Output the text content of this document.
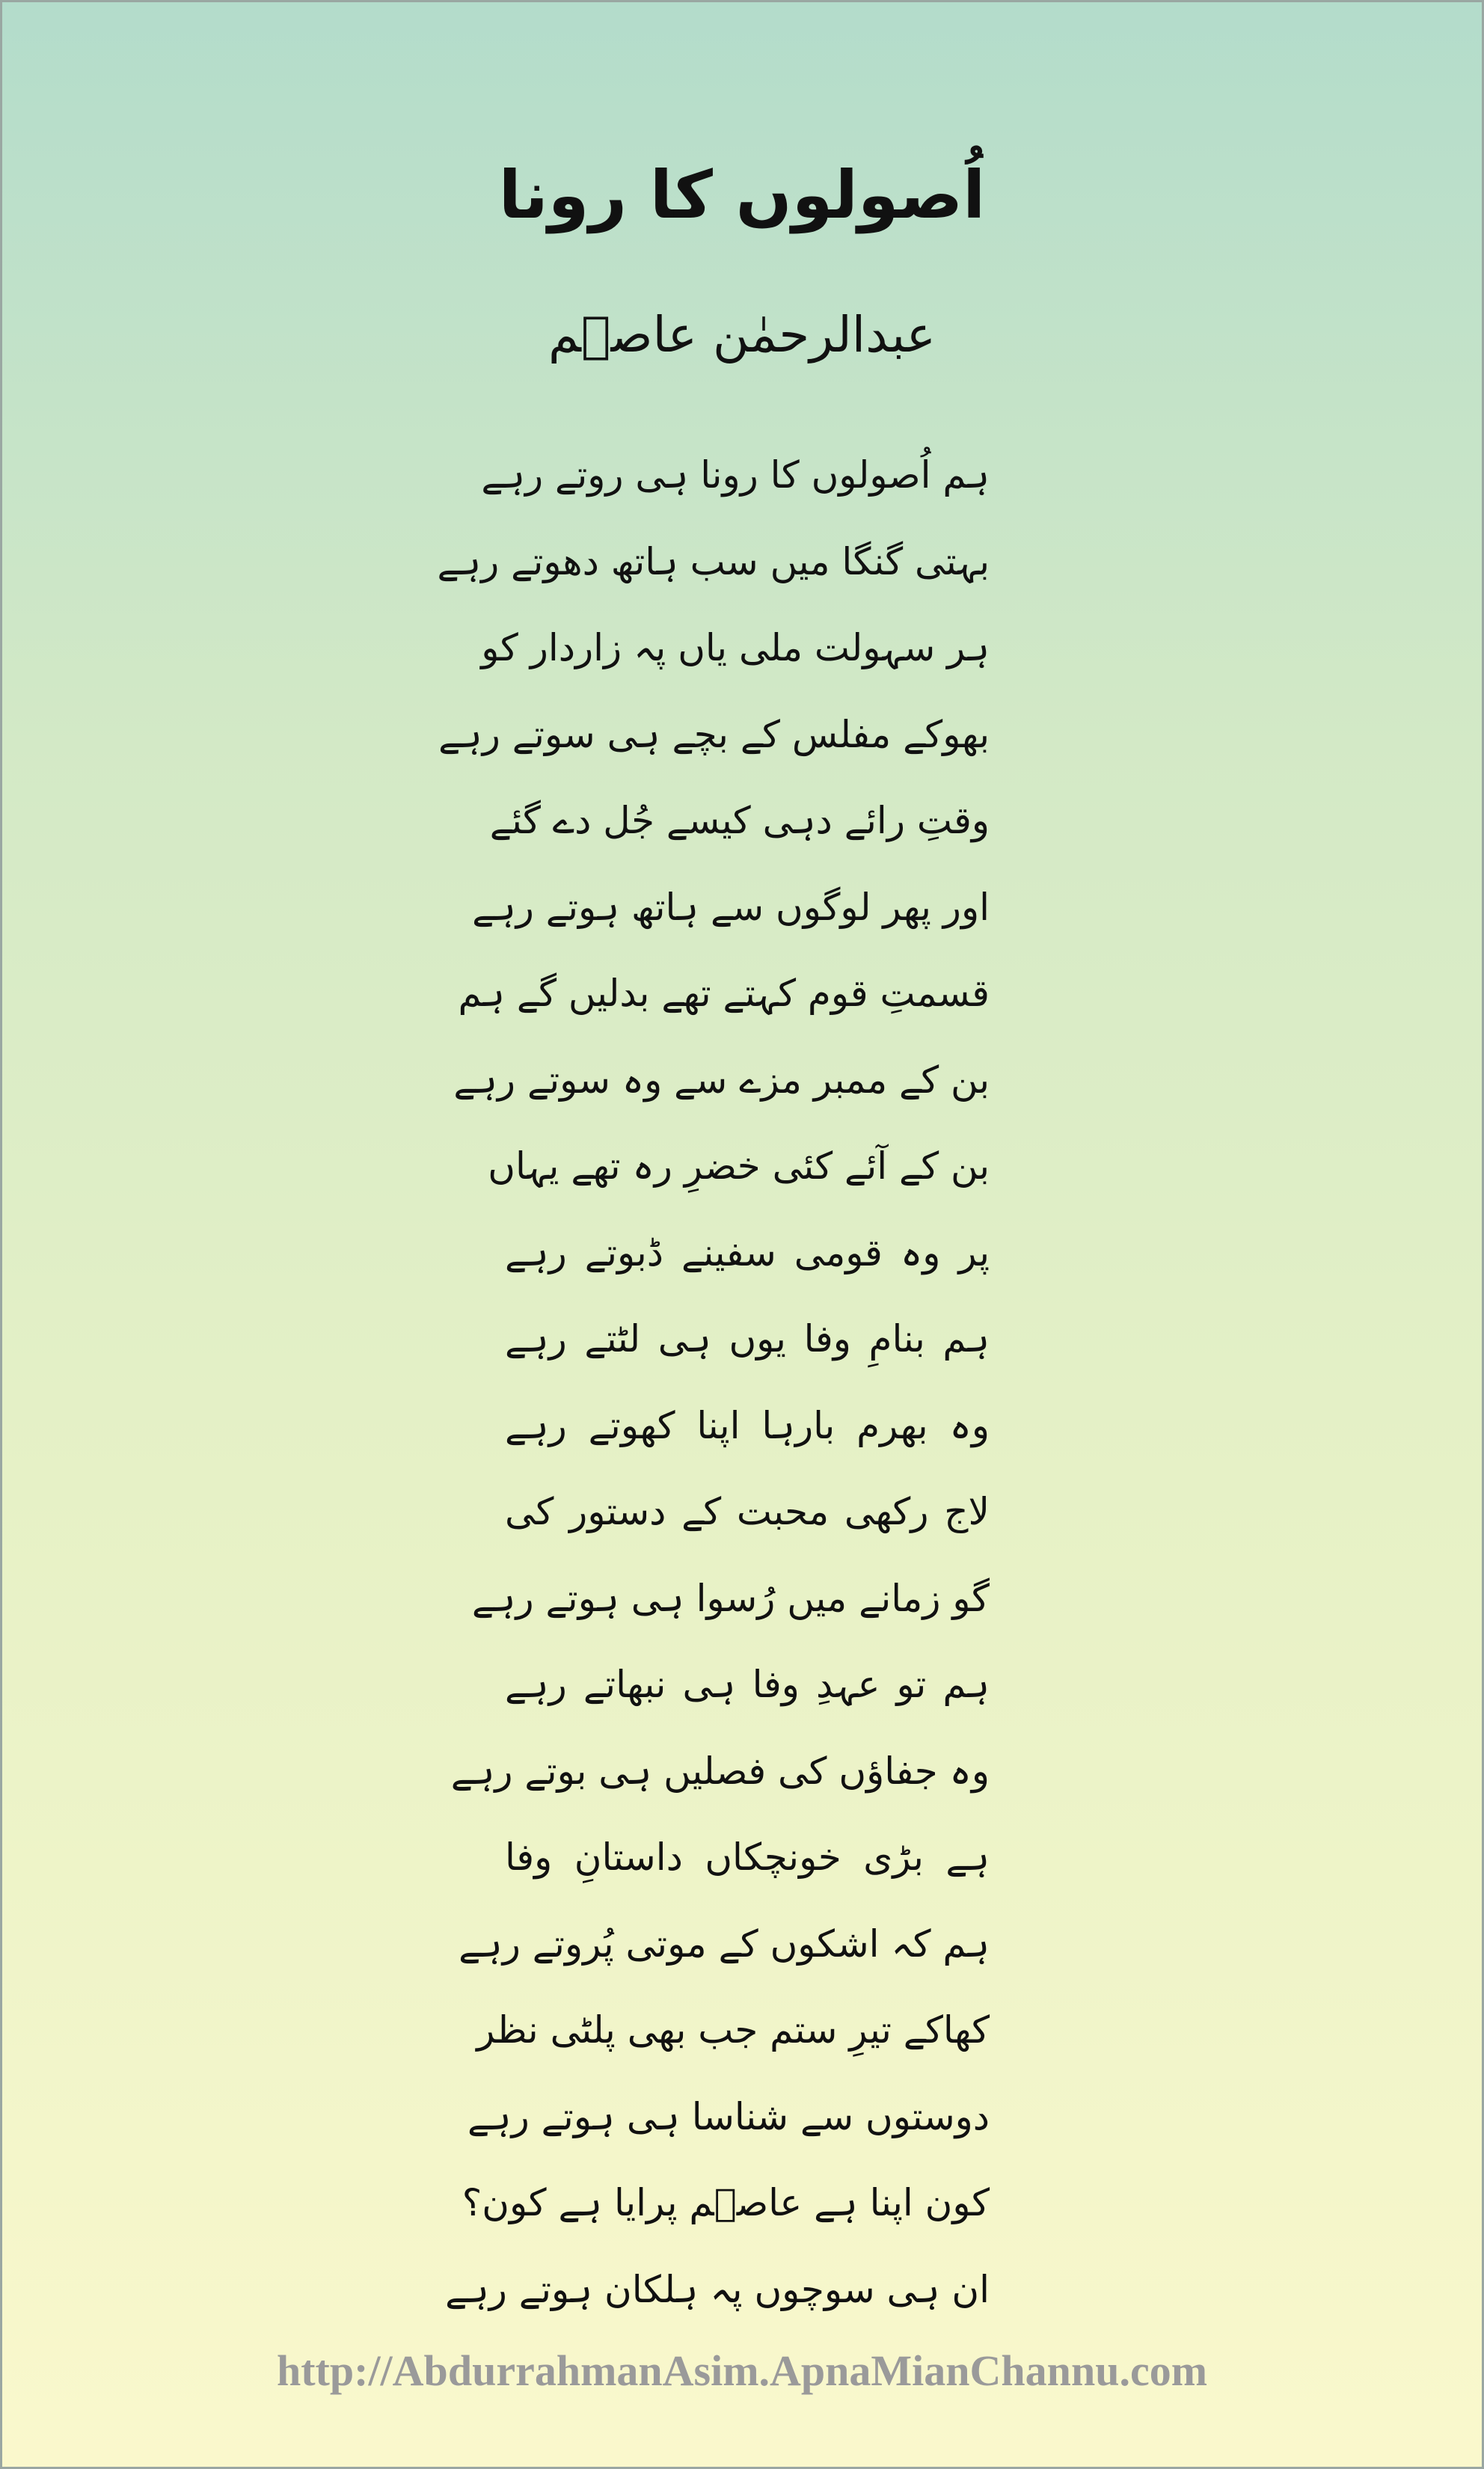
اُصولوں کا رونا
عبدالرحمٰن عاصؔم
ہم اُصولوں کا رونا ہی روتے رہے
بہتی گنگا میں سب ہاتھ دھوتے رہے
ہر سہولت ملی یاں پہ زاردار کو
بھوکے مفلس کے بچے ہی سوتے رہے
وقتِ رائے دہی کیسے جُل دے گئے
اور پھر لوگوں سے ہاتھ ہوتے رہے
قسمتِ قوم کہتے تھے بدلیں گے ہم
بن کے ممبر مزے سے وہ سوتے رہے
بن کے آئے کئی خضرِ رہ تھے یہاں
پر وہ قومی سفینے ڈبوتے رہے
ہم بنامِ وفا یوں ہی لٹتے رہے
وہ بھرم بارہا اپنا کھوتے رہے
لاج رکھی محبت کے دستور کی
گو زمانے میں رُسوا ہی ہوتے رہے
ہم تو عہدِ وفا ہی نبھاتے رہے
وہ جفاؤں کی فصلیں ہی بوتے رہے
ہے بڑی خونچکاں داستانِ وفا
ہم کہ اشکوں کے موتی پُروتے رہے
کھاکے تیرِ ستم جب بھی پلٹی نظر
دوستوں سے شناسا ہی ہوتے رہے
کون اپنا ہے عاصؔم پرایا ہے کون؟
ان ہی سوچوں پہ ہلکان ہوتے رہے
http://AbdurrahmanAsim.ApnaMianChannu.com
